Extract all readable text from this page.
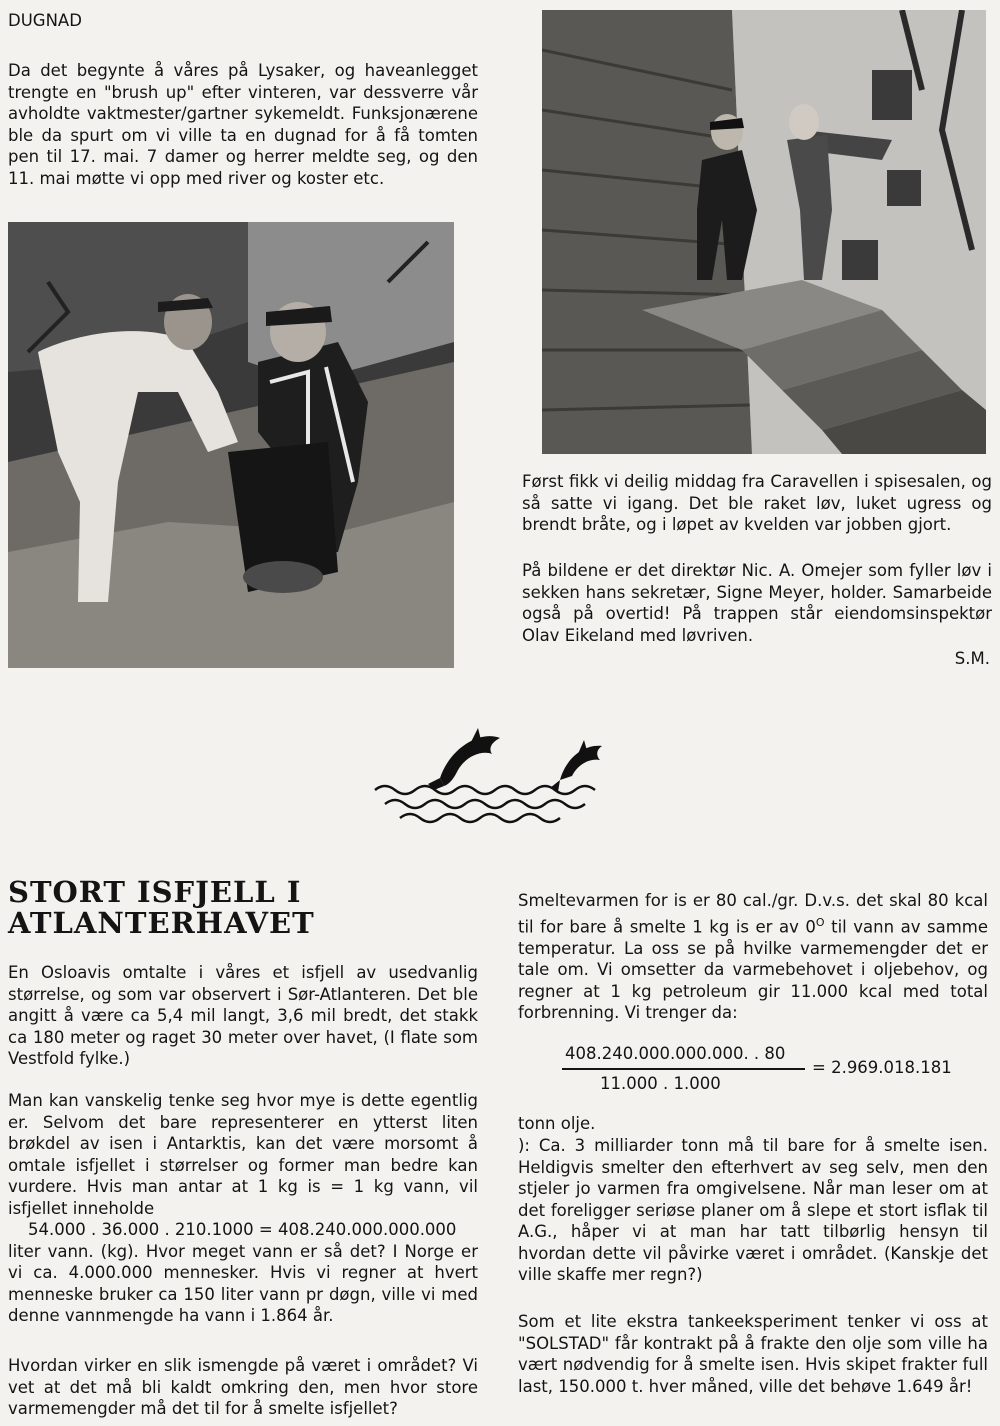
DUGNAD
Da det begynte å våres på Lysaker, og haveanlegget trengte en "brush up" efter vinteren, var dessverre vår avholdte vaktmester/gartner sykemeldt. Funksjonærene ble da spurt om vi ville ta en dugnad for å få tomten pen til 17. mai. 7 damer og herrer meldte seg, og den 11. mai møtte vi opp med river og koster etc.
Først fikk vi deilig middag fra Caravellen i spisesalen, og så satte vi igang. Det ble raket løv, luket ugress og brendt bråte, og i løpet av kvelden var jobben gjort.
På bildene er det direktør Nic. A. Omejer som fyller løv i sekken hans sekretær, Signe Meyer, holder. Samarbeide også på overtid! På trappen står eiendomsinspektør Olav Eikeland med løvriven.
S.M.
STORT ISFJELL I
ATLANTERHAVET
En Osloavis omtalte i våres et isfjell av usedvanlig størrelse, og som var observert i Sør-Atlanteren. Det ble angitt å være ca 5,4 mil langt, 3,6 mil bredt, det stakk ca 180 meter og raget 30 meter over havet, (I flate som Vestfold fylke.)

Man kan vanskelig tenke seg hvor mye is dette egentlig er. Selvom det bare representerer en ytterst liten brøkdel av isen i Antarktis, kan det være morsomt å omtale isfjellet i størrelser og former man bedre kan vurdere. Hvis man antar at 1 kg is = 1 kg vann, vil isfjellet inneholde

54.000 . 36.000 . 210.1000 = 408.240.000.000.000

liter vann. (kg). Hvor meget vann er så det? I Norge er vi ca. 4.000.000 mennesker. Hvis vi regner at hvert menneske bruker ca 150 liter vann pr døgn, ville vi med denne vannmengde ha vann i 1.864 år.

Hvordan virker en slik ismengde på været i området? Vi vet at det må bli kaldt omkring den, men hvor store varmemengder må det til for å smelte isfjellet?
Smeltevarmen for is er 80 cal./gr. D.v.s. det skal 80 kcal til for bare å smelte 1 kg is er av $0^O$ til vann av samme temperatur. La oss se på hvilke varmemengder det er tale om. Vi omsetter da varmebehovet i oljebehov, og regner at 1 kg petroleum gir 11.000 kcal med total forbrenning. Vi trenger da:
408.240.000.000.000. . 80
11.000 . 1.000
= 2.969.018.181
tonn olje.
): Ca. 3 milliarder tonn må til bare for å smelte isen. Heldigvis smelter den efterhvert av seg selv, men den stjeler jo varmen fra omgivelsene. Når man leser om at det foreligger seriøse planer om å slepe et stort isflak til A.G., håper vi at man har tatt tilbørlig hensyn til hvordan dette vil påvirke været i området. (Kanskje det ville skaffe mer regn?)
Som et lite ekstra tankeeksperiment tenker vi oss at "SOLSTAD" får kontrakt på å frakte den olje som ville ha vært nødvendig for å smelte isen. Hvis skipet frakter full last, 150.000 t. hver måned, ville det behøve 1.649 år!
